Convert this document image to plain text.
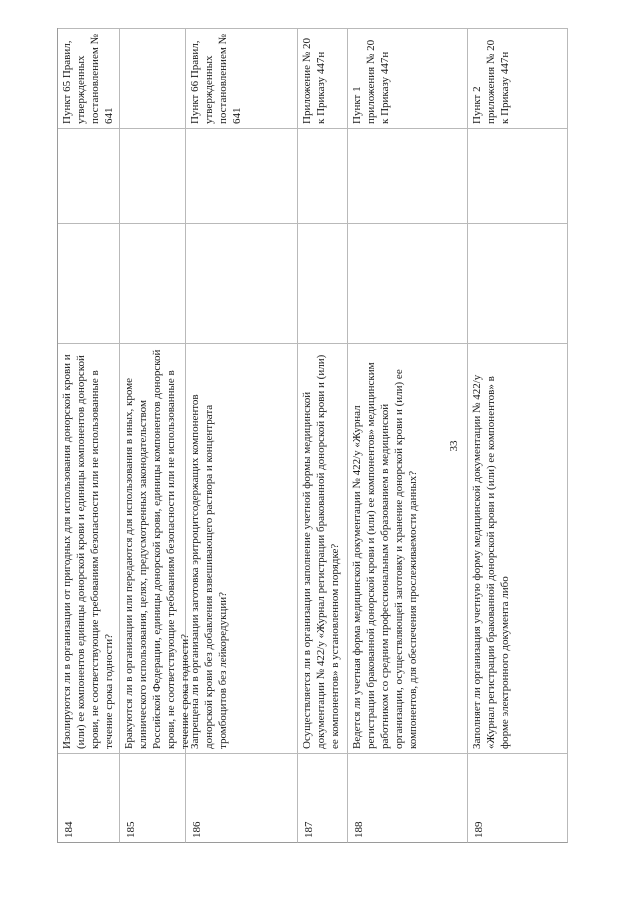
33
184
Изолируются ли в организации от пригодных для использования донорской крови и (или) ее компонентов единицы донорской крови и единицы компонентов донорской крови, не соответствующие требованиям безопасности или не использованные в течение срока годности?
Пункт 65 Правил, утвержденных постановлением № 641
185
Бракуются ли в организации или передаются для использования в иных, кроме клинического использования, целях, предусмотренных законодательством Российской Федерации, единицы донорской крови, единицы компонентов донорской крови, не соответствующие требованиям безопасности или не использованные в течение срока годности?
186
Запрещена ли в организации заготовка эритроцитсодержащих компонентов донорской крови без добавления взвешивающего раствора и концентрата тромбоцитов без лейкоредукции?
Пункт 66 Правил, утвержденных постановлением № 641
187
Осуществляется ли в организации заполнение учетной формы медицинской документации № 422/у «Журнал регистрации бракованной донорской крови и (или) ее компонентов» в установленном порядке?
Приложение № 20 к Приказу 447н
188
Ведется ли учетная форма медицинской документации № 422/у «Журнал регистрации бракованной донорской крови и (или) ее компонентов» медицинским работником со средним профессиональным образованием в медицинской организации, осуществляющей заготовку и хранение донорской крови и (или) ее компонентов, для обеспечения прослеживаемости данных?
Пункт 1 приложения № 20 к Приказу 447н
189
Заполняет ли организация учетную форму медицинской документации № 422/у «Журнал регистрации бракованной донорской крови и (или) ее компонентов» в форме электронного документа либо
Пункт 2 приложения № 20 к Приказу 447н
